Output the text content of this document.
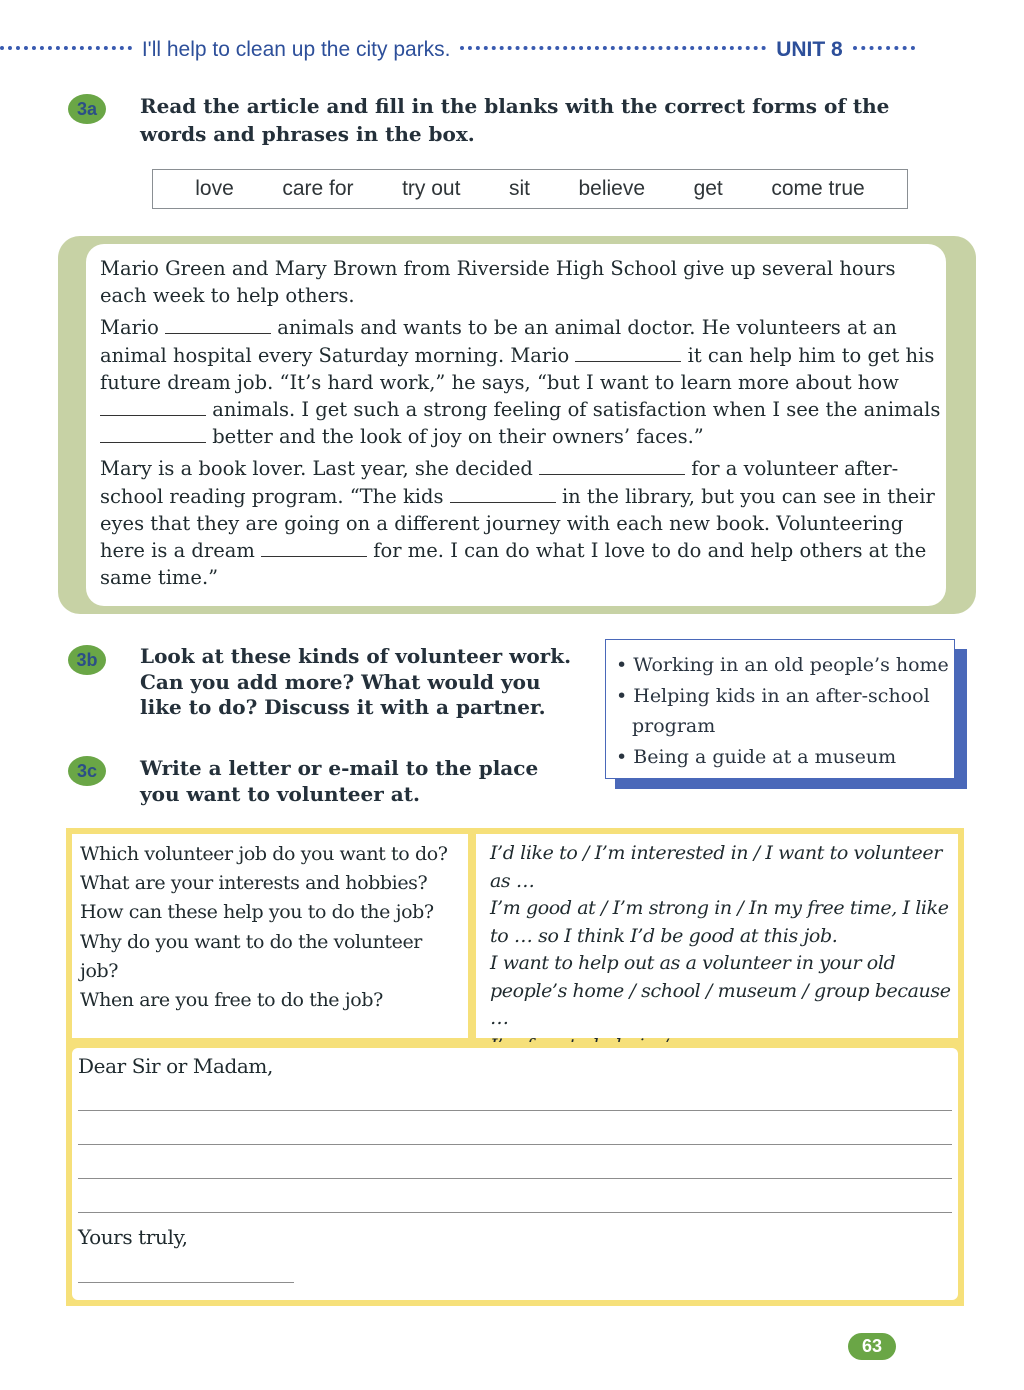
I'll help to clean up the city parks.	UNIT 8
3a	Read the article and fill in the blanks with the correct forms of the
words and phrases in the box.
love care for try out sit believe get come true

Mario Green and Mary Brown from Riverside High School give up several hours each week to help others.

Mario	animals and wants to be an animal doctor. He volunteers at an animal hospital every Saturday morning. Mario	it can help him to get his future dream job. “It’s hard work,” he says, “but I want to learn more about how  animals. I get such a strong feeling of satisfaction when I see the animals  better and the look of joy on their owners’ faces.”

Mary is a book lover. Last year, she decided	for a volunteer after-school reading program. “The kids	in the library, but you can see in their eyes that they are going on a different journey with each new book. Volunteering here is a dream	for me. I can do what I love to do and help others at the same time.”

3b	Look at these kinds of volunteer work.
Can you add more? What would you
like to do? Discuss it with a partner.
• Working in an old people’s home
• Helping kids in an after-school program
• Being a guide at a museum
3c	Write a letter or e-mail to the place
you want to volunteer at.
Which volunteer job do you want to do?
What are your interests and hobbies?
How can these help you to do the job?
Why do you want to do the volunteer job?
When are you free to do the job?
I’d like to / I’m interested in / I want to volunteer as …
I’m good at / I’m strong in / In my free time, I like to … so I think I’d be good at this job.
I want to help out as a volunteer in your old people’s home / school / museum / group because …
Dear Sir or Madam,
Yours truly,
63
